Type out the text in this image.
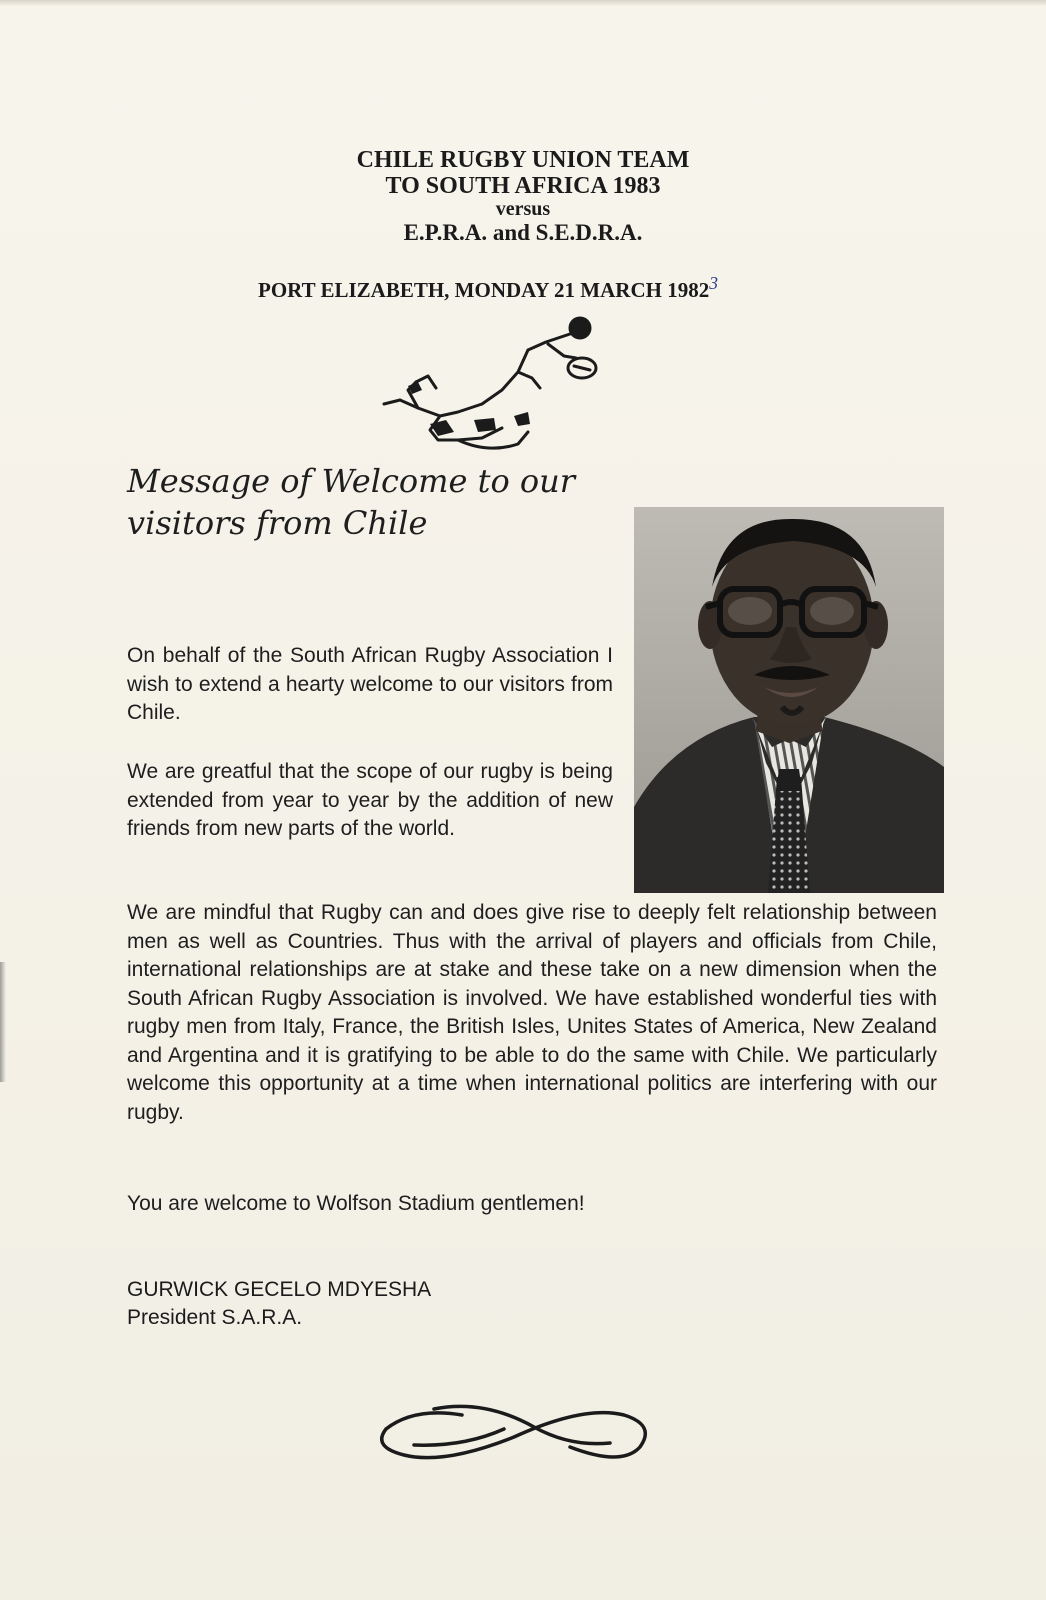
CHILE RUGBY UNION TEAM
TO SOUTH AFRICA 1983
versus
E.P.R.A. and S.E.D.R.A.
PORT ELIZABETH, MONDAY 21 MARCH 1982$^3$
Message of Welcome to our
visitors from Chile
On behalf of the South African Rugby Association I wish to extend a hearty welcome to our visitors from Chile.
We are greatful that the scope of our rugby is being extended from year to year by the addition of new friends from new parts of the world.
We are mindful that Rugby can and does give rise to deeply felt relationship between men as well as Countries. Thus with the arrival of players and officials from Chile, international relationships are at stake and these take on a new dimension when the South African Rugby Association is involved. We have established wonderful ties with rugby men from Italy, France, the British Isles, Unites States of America, New Zealand and Argentina and it is gratifying to be able to do the same with Chile. We particularly welcome this opportunity at a time when international politics are interfering with our rugby.
You are welcome to Wolfson Stadium gentlemen!
GURWICK GECELO MDYESHA
President S.A.R.A.
